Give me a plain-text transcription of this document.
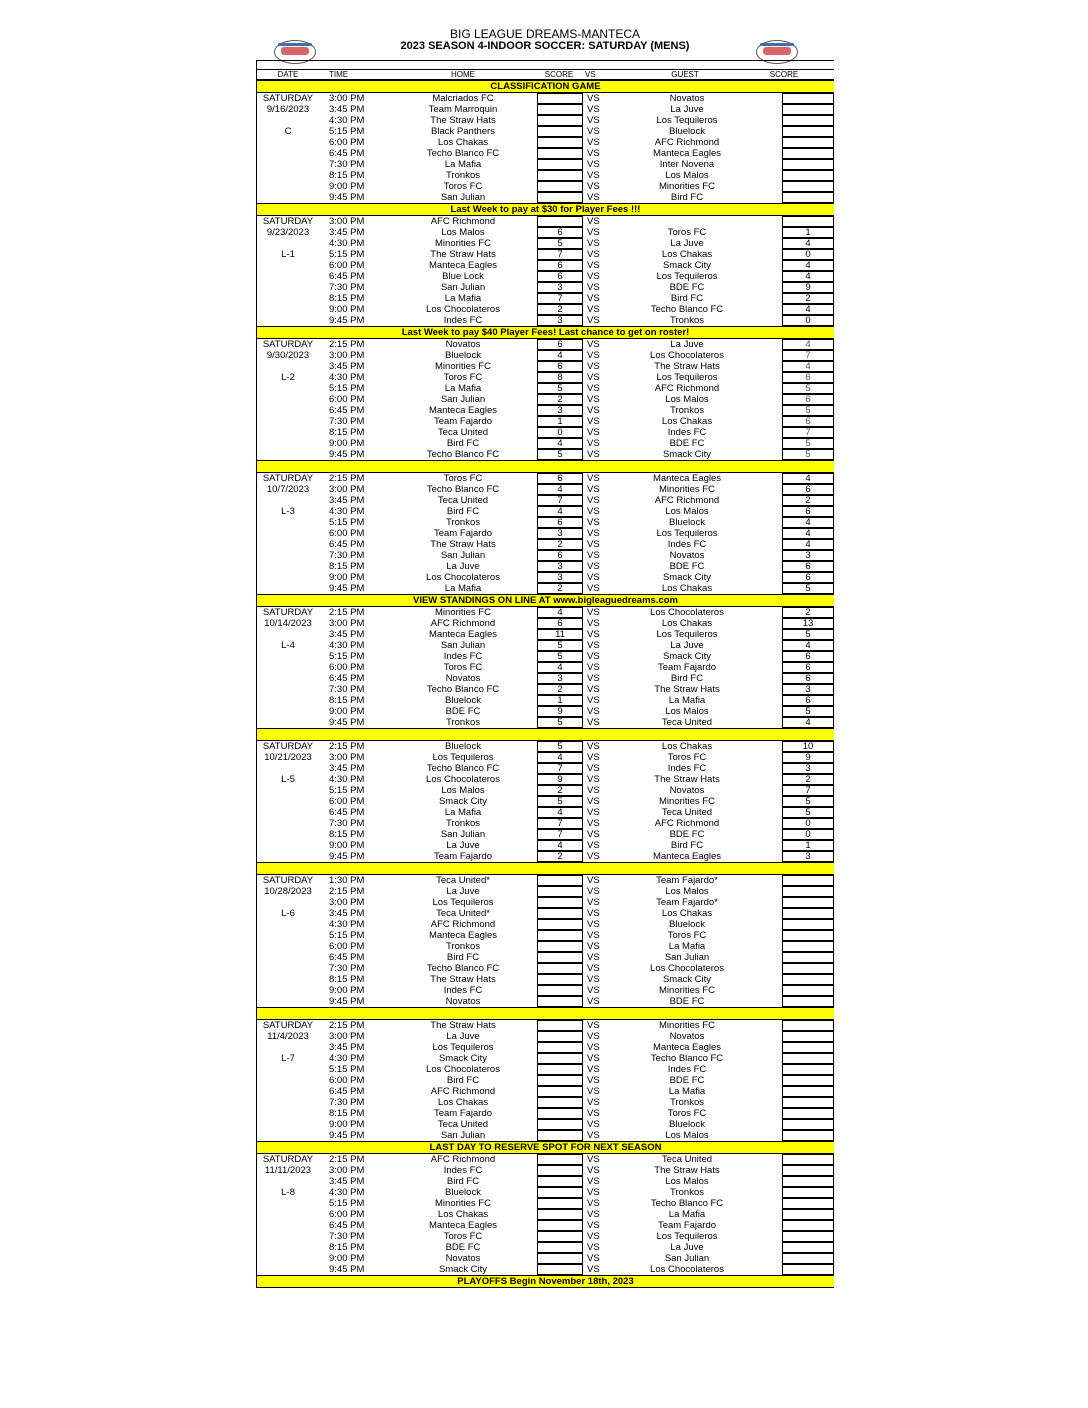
BIG LEAGUE DREAMS-MANTECA
2023 SEASON 4-INDOOR SOCCER: SATURDAY (MENS)
DATE	TIME	HOME	SCORE	VS	GUEST	SCORE
CLASSIFICATION GAME
SATURDAY	3:00 PM	Malcriados FC	VS	Novatos
9/16/2023	3:45 PM	Team Marroquin	VS	La Juve
4:30 PM	The Straw Hats	VS	Los Tequileros
C	5:15 PM	Black Panthers	VS	Bluelock
6:00 PM	Los Chakas	VS	AFC Richmond
6:45 PM	Techo Blanco FC	VS	Manteca Eagles
7:30 PM	La Mafia	VS	Inter Novena
8:15 PM	Tronkos	VS	Los Malos
9:00 PM	Toros FC	VS	Minorities FC
9:45 PM	San Julian	VS	Bird FC
Last Week to pay at $30 for Player Fees !!!
SATURDAY	3:00 PM	AFC Richmond	VS
9/23/2023	3:45 PM	Los Malos	6	VS	Toros FC	1
4:30 PM	Minorities FC	5	VS	La Juve	4
L-1	5:15 PM	The Straw Hats	7	VS	Los Chakas	0
6:00 PM	Manteca Eagles	6	VS	Smack City	4
6:45 PM	Blue Lock	6	VS	Los Tequileros	4
7:30 PM	San Julian	3	VS	BDE FC	9
8:15 PM	La Mafia	7	VS	Bird FC	2
9:00 PM	Los Chocolateros	2	VS	Techo Blanco FC	4
9:45 PM	Indes FC	3	VS	Tronkos	0
Last Week to pay $40 Player Fees! Last chance to get on roster!
SATURDAY	2:15 PM	Novatos	6	VS	La Juve	4
9/30/2023	3:00 PM	Bluelock	4	VS	Los Chocolateros	7
3:45 PM	Minorities FC	6	VS	The Straw Hats	4
L-2	4:30 PM	Toros FC	8	VS	Los Tequileros	6
5:15 PM	La Mafia	5	VS	AFC Richmond	5
6:00 PM	San Julian	2	VS	Los Malos	6
6:45 PM	Manteca Eagles	3	VS	Tronkos	5
7:30 PM	Team Fajardo	1	VS	Los Chakas	6
8:15 PM	Teca United	0	VS	Indes FC	7
9:00 PM	Bird FC	4	VS	BDE FC	5
9:45 PM	Techo Blanco FC	5	VS	Smack City	5
SATURDAY	2:15 PM	Toros FC	6	VS	Manteca Eagles	4
10/7/2023	3:00 PM	Techo Blanco FC	4	VS	Minorities FC	6
3:45 PM	Teca United	7	VS	AFC Richmond	2
L-3	4:30 PM	Bird FC	4	VS	Los Malos	6
5:15 PM	Tronkos	6	VS	Bluelock	4
6:00 PM	Team Fajardo	3	VS	Los Tequileros	4
6:45 PM	The Straw Hats	2	VS	Indes FC	4
7:30 PM	San Julian	6	VS	Novatos	3
8:15 PM	La Juve	3	VS	BDE FC	6
9:00 PM	Los Chocolateros	3	VS	Smack City	6
9:45 PM	La Mafia	2	VS	Los Chakas	5
VIEW STANDINGS ON LINE AT www.bigleaguedreams.com
SATURDAY	2:15 PM	Minorities FC	4	VS	Los Chocolateros	2
10/14/2023	3:00 PM	AFC Richmond	6	VS	Los Chakas	13
3:45 PM	Manteca Eagles	11	VS	Los Tequileros	5
L-4	4:30 PM	San Julian	5	VS	La Juve	4
5:15 PM	Indes FC	5	VS	Smack City	6
6:00 PM	Toros FC	4	VS	Team Fajardo	6
6:45 PM	Novatos	3	VS	Bird FC	6
7:30 PM	Techo Blanco FC	2	VS	The Straw Hats	3
8:15 PM	Bluelock	1	VS	La Mafia	6
9:00 PM	BDE FC	9	VS	Los Malos	5
9:45 PM	Tronkos	5	VS	Teca United	4
SATURDAY	2:15 PM	Bluelock	5	VS	Los Chakas	10
10/21/2023	3:00 PM	Los Tequileros	4	VS	Toros FC	9
3:45 PM	Techo Blanco FC	7	VS	Indes FC	3
L-5	4:30 PM	Los Chocolateros	9	VS	The Straw Hats	2
5:15 PM	Los Malos	2	VS	Novatos	7
6:00 PM	Smack City	5	VS	Minorities FC	5
6:45 PM	La Mafia	4	VS	Teca United	5
7:30 PM	Tronkos	7	VS	AFC Richmond	0
8:15 PM	San Julian	7	VS	BDE FC	0
9:00 PM	La Juve	4	VS	Bird FC	1
9:45 PM	Team Fajardo	2	VS	Manteca Eagles	3
SATURDAY	1:30 PM	Teca United*	VS	Team Fajardo*
10/28/2023	2:15 PM	La Juve	VS	Los Malos
3:00 PM	Los Tequileros	VS	Team Fajardo*
L-6	3:45 PM	Teca United*	VS	Los Chakas
4:30 PM	AFC Richmond	VS	Bluelock
5:15 PM	Manteca Eagles	VS	Toros FC
6:00 PM	Tronkos	VS	La Mafia
6:45 PM	Bird FC	VS	San Julian
7:30 PM	Techo Blanco FC	VS	Los Chocolateros
8:15 PM	The Straw Hats	VS	Smack City
9:00 PM	Indes FC	VS	Minorities FC
9:45 PM	Novatos	VS	BDE FC
SATURDAY	2:15 PM	The Straw Hats	VS	Minorities FC
11/4/2023	3:00 PM	La Juve	VS	Novatos
3:45 PM	Los Tequileros	VS	Manteca Eagles
L-7	4:30 PM	Smack City	VS	Techo Blanco FC
5:15 PM	Los Chocolateros	VS	Indes FC
6:00 PM	Bird FC	VS	BDE FC
6:45 PM	AFC Richmond	VS	La Mafia
7:30 PM	Los Chakas	VS	Tronkos
8:15 PM	Team Fajardo	VS	Toros FC
9:00 PM	Teca United	VS	Bluelock
9:45 PM	San Julian	VS	Los Malos
LAST DAY TO RESERVE SPOT FOR NEXT SEASON
SATURDAY	2:15 PM	AFC Richmond	VS	Teca United
11/11/2023	3:00 PM	Indes FC	VS	The Straw Hats
3:45 PM	Bird FC	VS	Los Malos
L-8	4:30 PM	Bluelock	VS	Tronkos
5:15 PM	Minorities FC	VS	Techo Blanco FC
6:00 PM	Los Chakas	VS	La Mafia
6:45 PM	Manteca Eagles	VS	Team Fajardo
7:30 PM	Toros FC	VS	Los Tequileros
8:15 PM	BDE FC	VS	La Juve
9:00 PM	Novatos	VS	San Julian
9:45 PM	Smack City	VS	Los Chocolateros
PLAYOFFS Begin November 18th, 2023
